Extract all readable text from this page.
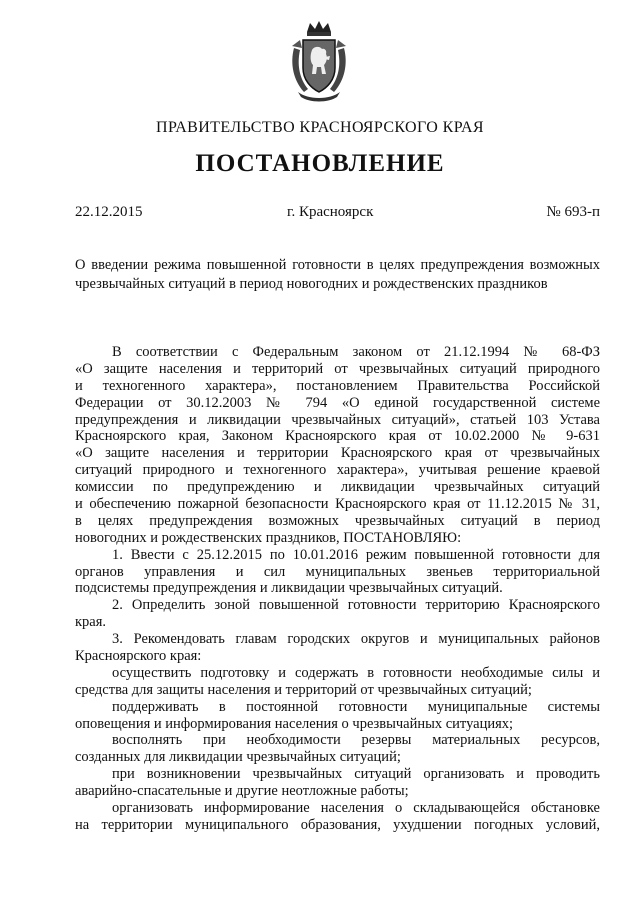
ПРАВИТЕЛЬСТВО КРАСНОЯРСКОГО КРАЯ
ПОСТАНОВЛЕНИЕ
22.12.2015	г. Красноярск	№ 693-п
О введении режима повышенной готовности в целях предупреждения возможных чрезвычайных ситуаций в период новогодних и рождественских праздников
В соответствии с Федеральным законом от 21.12.1994 № 68-ФЗ
«О защите населения и территорий от чрезвычайных ситуаций природного
и техногенного характера», постановлением Правительства Российской
Федерации от 30.12.2003 № 794 «О единой государственной системе
предупреждения и ликвидации чрезвычайных ситуаций», статьей 103 Устава
Красноярского края, Законом Красноярского края от 10.02.2000 № 9-631
«О защите населения и территории Красноярского края от чрезвычайных
ситуаций природного и техногенного характера», учитывая решение краевой
комиссии по предупреждению и ликвидации чрезвычайных ситуаций
и обеспечению пожарной безопасности Красноярского края от 11.12.2015 № 31,
в целях предупреждения возможных чрезвычайных ситуаций в период
новогодних и рождественских праздников, ПОСТАНОВЛЯЮ:
1. Ввести с 25.12.2015 по 10.01.2016 режим повышенной готовности для
органов управления и сил муниципальных звеньев территориальной
подсистемы предупреждения и ликвидации чрезвычайных ситуаций.
2. Определить зоной повышенной готовности территорию Красноярского
края.
3. Рекомендовать главам городских округов и муниципальных районов
Красноярского края:
осуществить подготовку и содержать в готовности необходимые силы и
средства для защиты населения и территорий от чрезвычайных ситуаций;
поддерживать в постоянной готовности муниципальные системы
оповещения и информирования населения о чрезвычайных ситуациях;
восполнять при необходимости резервы материальных ресурсов,
созданных для ликвидации чрезвычайных ситуаций;
при возникновении чрезвычайных ситуаций организовать и проводить
аварийно-спасательные и другие неотложные работы;
организовать информирование населения о складывающейся обстановке
на территории муниципального образования, ухудшении погодных условий,
